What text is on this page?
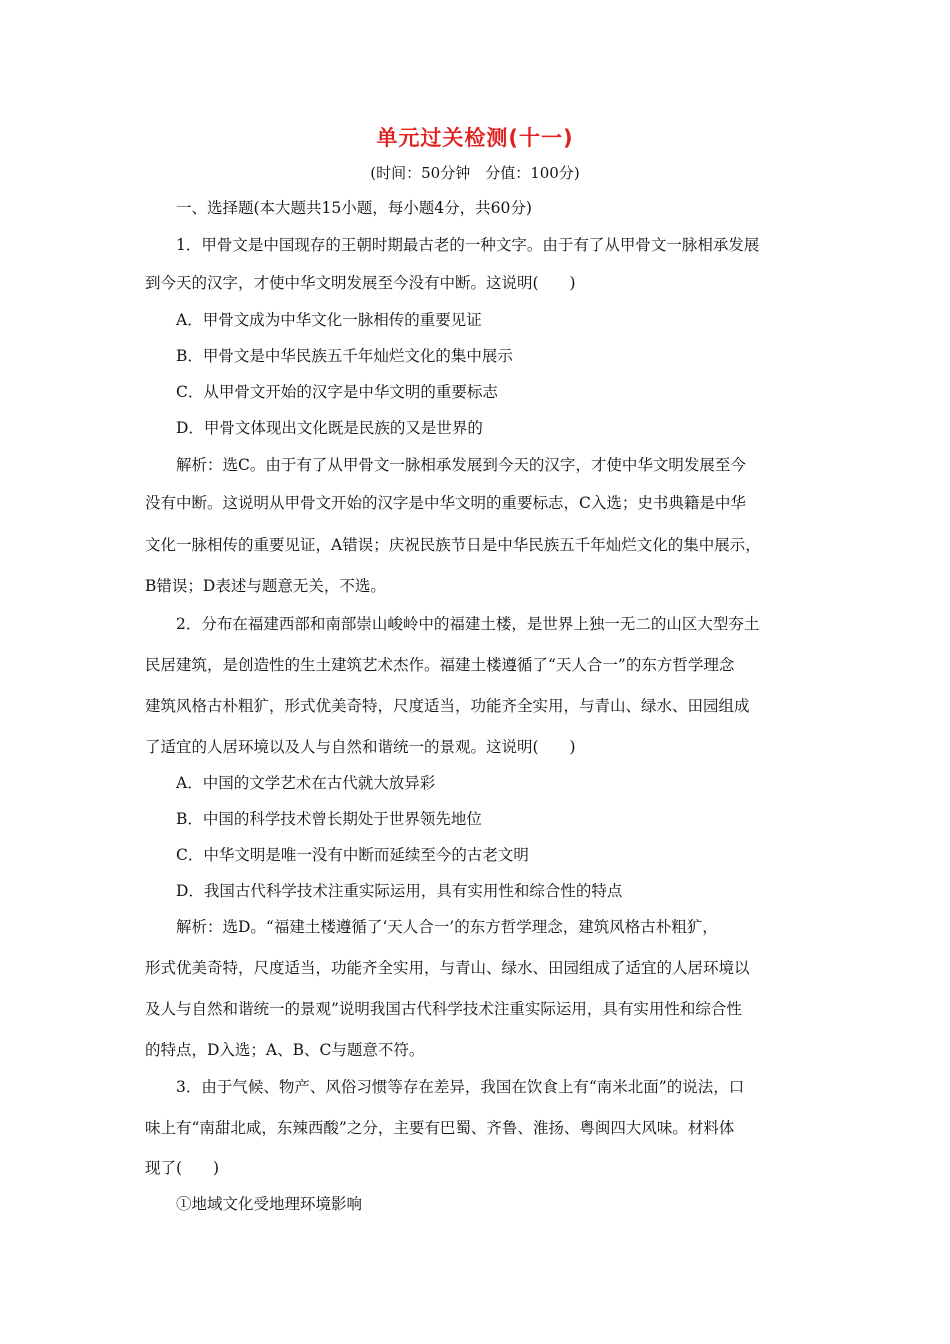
单元过关检测(十一)
(时间：50分钟　分值：100分)
一、选择题(本大题共15小题，每小题4分，共60分)
1．甲骨文是中国现存的王朝时期最古老的一种文字。由于有了从甲骨文一脉相承发展
到今天的汉字，才使中华文明发展至今没有中断。这说明(　　)
A．甲骨文成为中华文化一脉相传的重要见证
B．甲骨文是中华民族五千年灿烂文化的集中展示
C．从甲骨文开始的汉字是中华文明的重要标志
D．甲骨文体现出文化既是民族的又是世界的
解析：选C。由于有了从甲骨文一脉相承发展到今天的汉字，才使中华文明发展至今
没有中断。这说明从甲骨文开始的汉字是中华文明的重要标志，C入选；史书典籍是中华
文化一脉相传的重要见证，A错误；庆祝民族节日是中华民族五千年灿烂文化的集中展示，
B错误；D表述与题意无关，不选。
2．分布在福建西部和南部崇山峻岭中的福建土楼，是世界上独一无二的山区大型夯土
民居建筑，是创造性的生土建筑艺术杰作。福建土楼遵循了“天人合一”的东方哲学理念
建筑风格古朴粗犷，形式优美奇特，尺度适当，功能齐全实用，与青山、绿水、田园组成
了适宜的人居环境以及人与自然和谐统一的景观。这说明(　　)
A．中国的文学艺术在古代就大放异彩
B．中国的科学技术曾长期处于世界领先地位
C．中华文明是唯一没有中断而延续至今的古老文明
D．我国古代科学技术注重实际运用，具有实用性和综合性的特点
解析：选D。“福建土楼遵循了‘天人合一’的东方哲学理念，建筑风格古朴粗犷，
形式优美奇特，尺度适当，功能齐全实用，与青山、绿水、田园组成了适宜的人居环境以
及人与自然和谐统一的景观”说明我国古代科学技术注重实际运用，具有实用性和综合性
的特点，D入选；A、B、C与题意不符。
3．由于气候、物产、风俗习惯等存在差异，我国在饮食上有“南米北面”的说法，口
味上有“南甜北咸，东辣西酸”之分，主要有巴蜀、齐鲁、淮扬、粤闽四大风味。材料体
现了(　　)
①地域文化受地理环境影响
